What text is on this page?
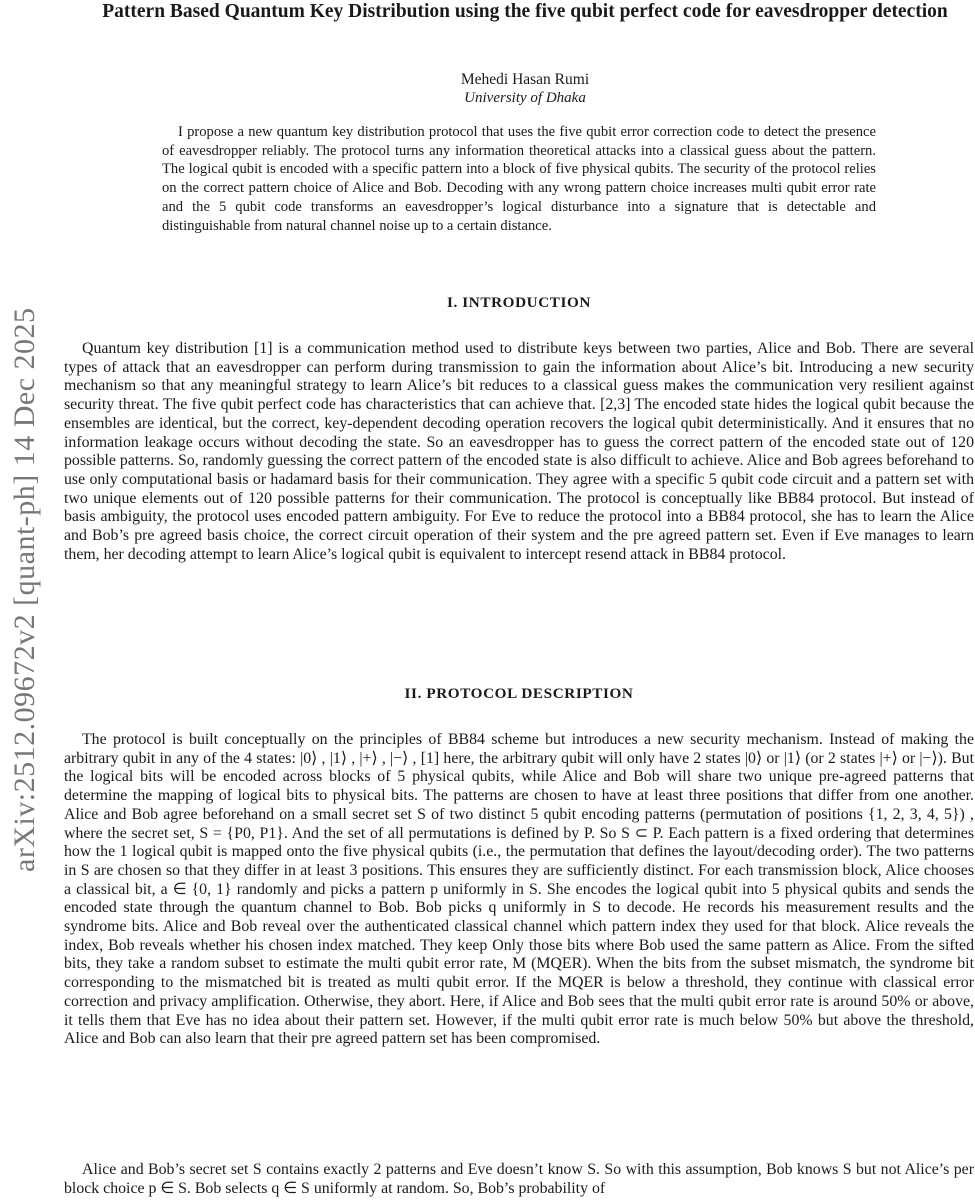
arXiv:2512.09672v2 [quant-ph] 14 Dec 2025
Pattern Based Quantum Key Distribution using the five qubit perfect code for eavesdropper detection
Mehedi Hasan Rumi
University of Dhaka

I propose a new quantum key distribution protocol that uses the five qubit error correction code to detect the presence of eavesdropper reliably. The protocol turns any information theoretical attacks into a classical guess about the pattern. The logical qubit is encoded with a specific pattern into a block of five physical qubits. The security of the protocol relies on the correct pattern choice of Alice and Bob. Decoding with any wrong pattern choice increases multi qubit error rate and the 5 qubit code transforms an eavesdropper’s logical disturbance into a signature that is detectable and distinguishable from natural channel noise up to a certain distance.

I. INTRODUCTION

Quantum key distribution [1] is a communication method used to distribute keys between two parties, Alice and Bob. There are several types of attack that an eavesdropper can perform during transmission to gain the information about Alice’s bit. Introducing a new security mechanism so that any meaningful strategy to learn Alice’s bit reduces to a classical guess makes the communication very resilient against security threat. The five qubit perfect code has characteristics that can achieve that. [2,3] The encoded state hides the logical qubit because the ensembles are identical, but the correct, key-dependent decoding operation recovers the logical qubit deterministically. And it ensures that no information leakage occurs without decoding the state. So an eavesdropper has to guess the correct pattern of the encoded state out of 120 possible patterns. So, randomly guessing the correct pattern of the encoded state is also difficult to achieve. Alice and Bob agrees beforehand to use only computational basis or hadamard basis for their communication. They agree with a specific 5 qubit code circuit and a pattern set with two unique elements out of 120 possible patterns for their communication. The protocol is conceptually like BB84 protocol. But instead of basis ambiguity, the protocol uses encoded pattern ambiguity. For Eve to reduce the protocol into a BB84 protocol, she has to learn the Alice and Bob’s pre agreed basis choice, the correct circuit operation of their system and the pre agreed pattern set. Even if Eve manages to learn them, her decoding attempt to learn Alice’s logical qubit is equivalent to intercept resend attack in BB84 protocol.

II. PROTOCOL DESCRIPTION

The protocol is built conceptually on the principles of BB84 scheme but introduces a new security mechanism. Instead of making the arbitrary qubit in any of the 4 states: |0⟩ , |1⟩ , |+⟩ , |−⟩ , [1] here, the arbitrary qubit will only have 2 states |0⟩ or |1⟩ (or 2 states |+⟩ or |−⟩). But the logical bits will be encoded across blocks of 5 physical qubits, while Alice and Bob will share two unique pre-agreed patterns that determine the mapping of logical bits to physical bits. The patterns are chosen to have at least three positions that differ from one another. Alice and Bob agree beforehand on a small secret set S of two distinct 5 qubit encoding patterns (permutation of positions {1, 2, 3, 4, 5}) , where the secret set, S = {P0, P1}. And the set of all permutations is defined by P. So S ⊂ P. Each pattern is a fixed ordering that determines how the 1 logical qubit is mapped onto the five physical qubits (i.e., the permutation that defines the layout/decoding order). The two patterns in S are chosen so that they differ in at least 3 positions. This ensures they are sufficiently distinct. For each transmission block, Alice chooses a classical bit, a ∈ {0, 1} randomly and picks a pattern p uniformly in S. She encodes the logical qubit into 5 physical qubits and sends the encoded state through the quantum channel to Bob. Bob picks q uniformly in S to decode. He records his measurement results and the syndrome bits. Alice and Bob reveal over the authenticated classical channel which pattern index they used for that block. Alice reveals the index, Bob reveals whether his chosen index matched. They keep Only those bits where Bob used the same pattern as Alice. From the sifted bits, they take a random subset to estimate the multi qubit error rate, M (MQER). When the bits from the subset mismatch, the syndrome bit corresponding to the mismatched bit is treated as multi qubit error. If the MQER is below a threshold, they continue with classical error correction and privacy amplification. Otherwise, they abort. Here, if Alice and Bob sees that the multi qubit error rate is around 50% or above, it tells them that Eve has no idea about their pattern set. However, if the multi qubit error rate is much below 50% but above the threshold, Alice and Bob can also learn that their pre agreed pattern set has been compromised.

Alice and Bob’s secret set S contains exactly 2 patterns and Eve doesn’t know S. So with this assumption, Bob knows S but not Alice’s per block choice p ∈ S. Bob selects q ∈ S uniformly at random. So, Bob’s probability of
